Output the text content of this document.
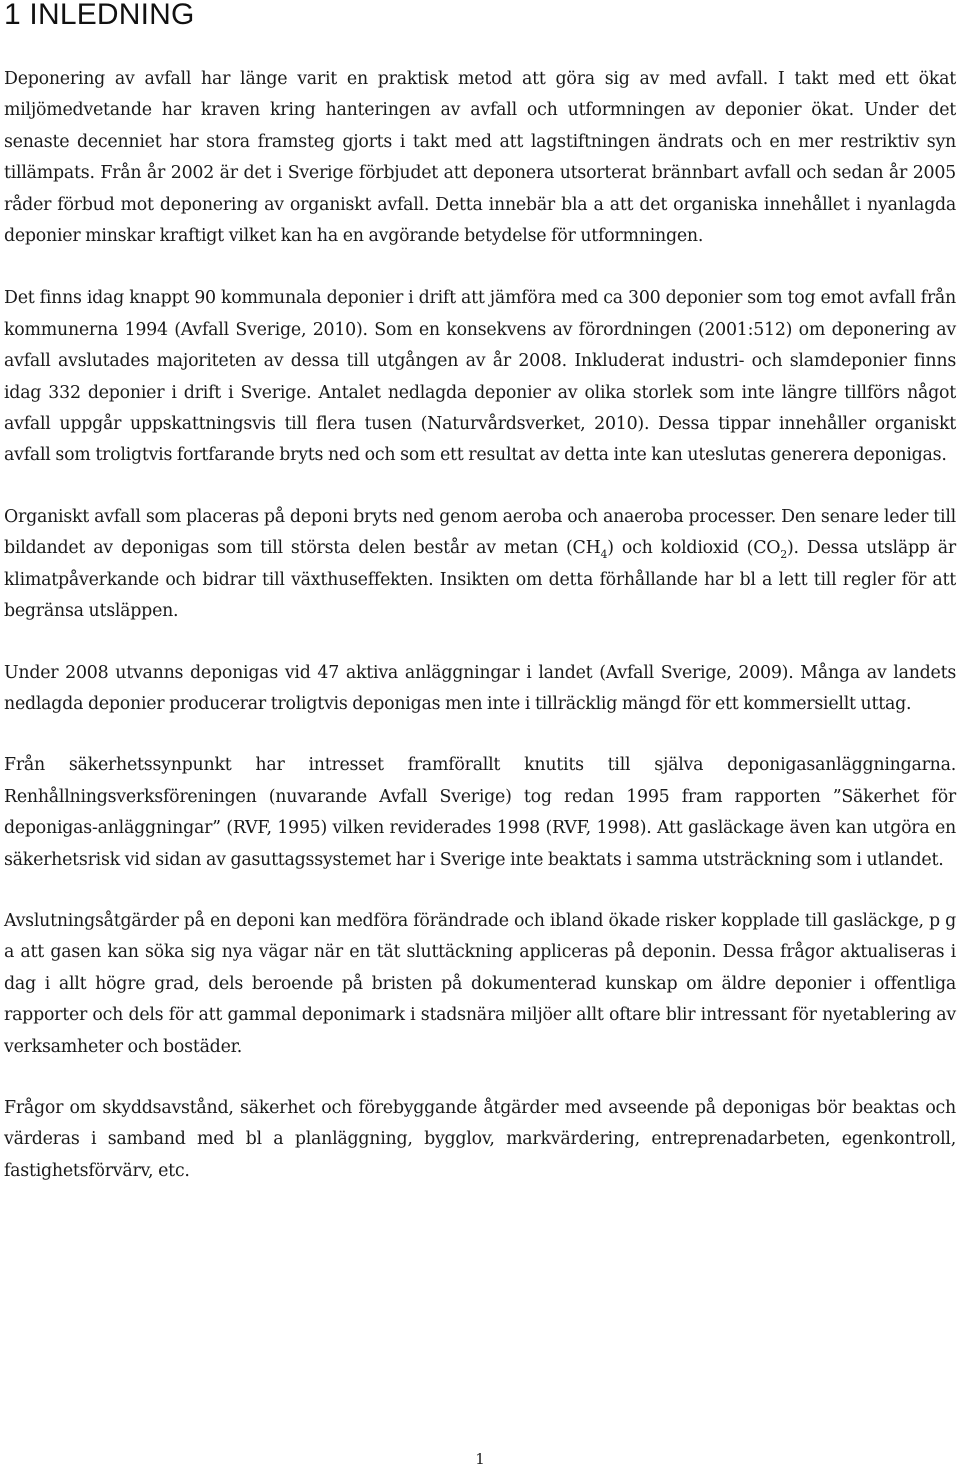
1 INLEDNING

Deponering av avfall har länge varit en praktisk metod att göra sig av med avfall. I takt med ett ökat miljömedvetande har kraven kring hanteringen av avfall och utformningen av deponier ökat. Under det senaste decenniet har stora framsteg gjorts i takt med att lagstiftningen ändrats och en mer restriktiv syn tillämpats. Från år 2002 är det i Sverige förbjudet att deponera utsorterat brännbart avfall och sedan år 2005 råder förbud mot deponering av organiskt avfall. Detta innebär bla a att det organiska innehållet i nyanlagda deponier minskar kraftigt vilket kan ha en avgörande betydelse för utformningen.

Det finns idag knappt 90 kommunala deponier i drift att jämföra med ca 300 deponier som tog emot avfall från kommunerna 1994 (Avfall Sverige, 2010). Som en konsekvens av förordningen (2001:512) om deponering av avfall avslutades majoriteten av dessa till utgången av år 2008. Inkluderat industri- och slamdeponier finns idag 332 deponier i drift i Sverige. Antalet nedlagda deponier av olika storlek som inte längre tillförs något avfall uppgår uppskattningsvis till flera tusen (Naturvårdsverket, 2010). Dessa tippar innehåller organiskt avfall som troligtvis fortfarande bryts ned och som ett resultat av detta inte kan uteslutas generera deponigas.

Organiskt avfall som placeras på deponi bryts ned genom aeroba och anaeroba processer. Den senare leder till bildandet av deponigas som till största delen består av metan $(CH_4)$ och koldioxid $(CO_2)$. Dessa utsläpp är klimatpåverkande och bidrar till växthuseffekten. Insikten om detta förhållande har bl a lett till regler för att begränsa utsläppen.

Under 2008 utvanns deponigas vid 47 aktiva anläggningar i landet (Avfall Sverige, 2009). Många av landets nedlagda deponier producerar troligtvis deponigas men inte i tillräcklig mängd för ett kommersiellt uttag.

Från säkerhetssynpunkt har intresset framförallt knutits till själva deponigasanläggningarna. Renhållningsverksföreningen (nuvarande Avfall Sverige) tog redan 1995 fram rapporten ”Säkerhet för deponigas-anläggningar” (RVF, 1995) vilken reviderades 1998 (RVF, 1998). Att gasläckage även kan utgöra en säkerhetsrisk vid sidan av gasuttagssystemet har i Sverige inte beaktats i samma utsträckning som i utlandet.

Avslutningsåtgärder på en deponi kan medföra förändrade och ibland ökade risker kopplade till gasläckge, p g a att gasen kan söka sig nya vägar när en tät sluttäckning appliceras på deponin. Dessa frågor aktualiseras i dag i allt högre grad, dels beroende på bristen på dokumenterad kunskap om äldre deponier i offentliga rapporter och dels för att gammal deponimark i stadsnära miljöer allt oftare blir intressant för nyetablering av verksamheter och bostäder.

Frågor om skyddsavstånd, säkerhet och förebyggande åtgärder med avseende på deponigas bör beaktas och värderas i samband med bl a planläggning, bygglov, markvärdering, entreprenadarbeten, egenkontroll, fastighetsförvärv, etc.

1
